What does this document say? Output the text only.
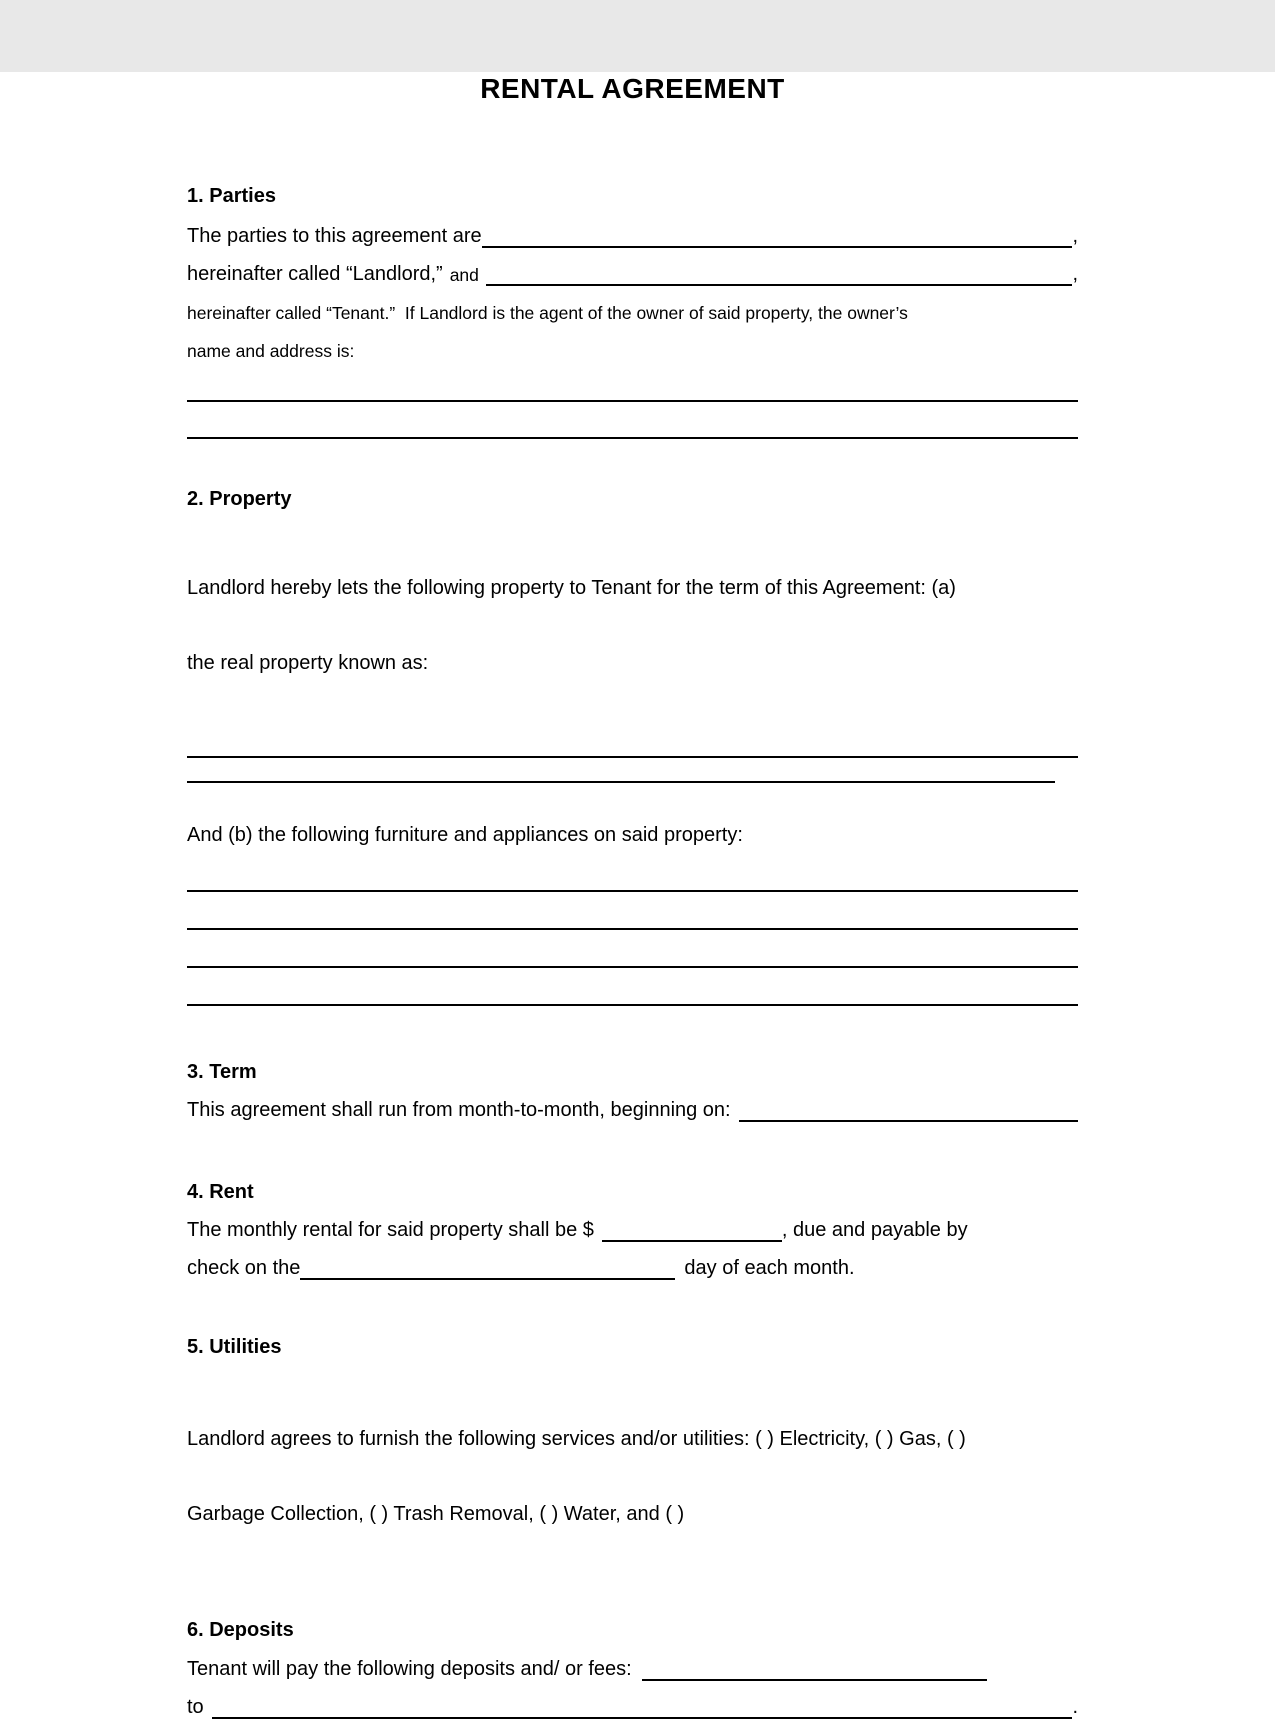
RENTAL AGREEMENT
1. Parties
The parties to this agreement are	,
hereinafter called “Landlord,” and	,
hereinafter called “Tenant.”  If Landlord is the agent of the owner of said property, the owner’s
name and address is:
2. Property

Landlord hereby lets the following property to Tenant for the term of this Agreement: (a)

the real property known as:

And (b) the following furniture and appliances on said property:
3. Term
This agreement shall run from month-to-month, beginning on:
4. Rent
The monthly rental for said property shall be $	, due and payable by
check on the	day of each month.
5. Utilities

Landlord agrees to furnish the following services and/or utilities: ( ) Electricity, ( ) Gas, ( )

Garbage Collection, ( ) Trash Removal, ( ) Water, and ( )

6. Deposits
Tenant will pay the following deposits and/ or fees:
to	.
